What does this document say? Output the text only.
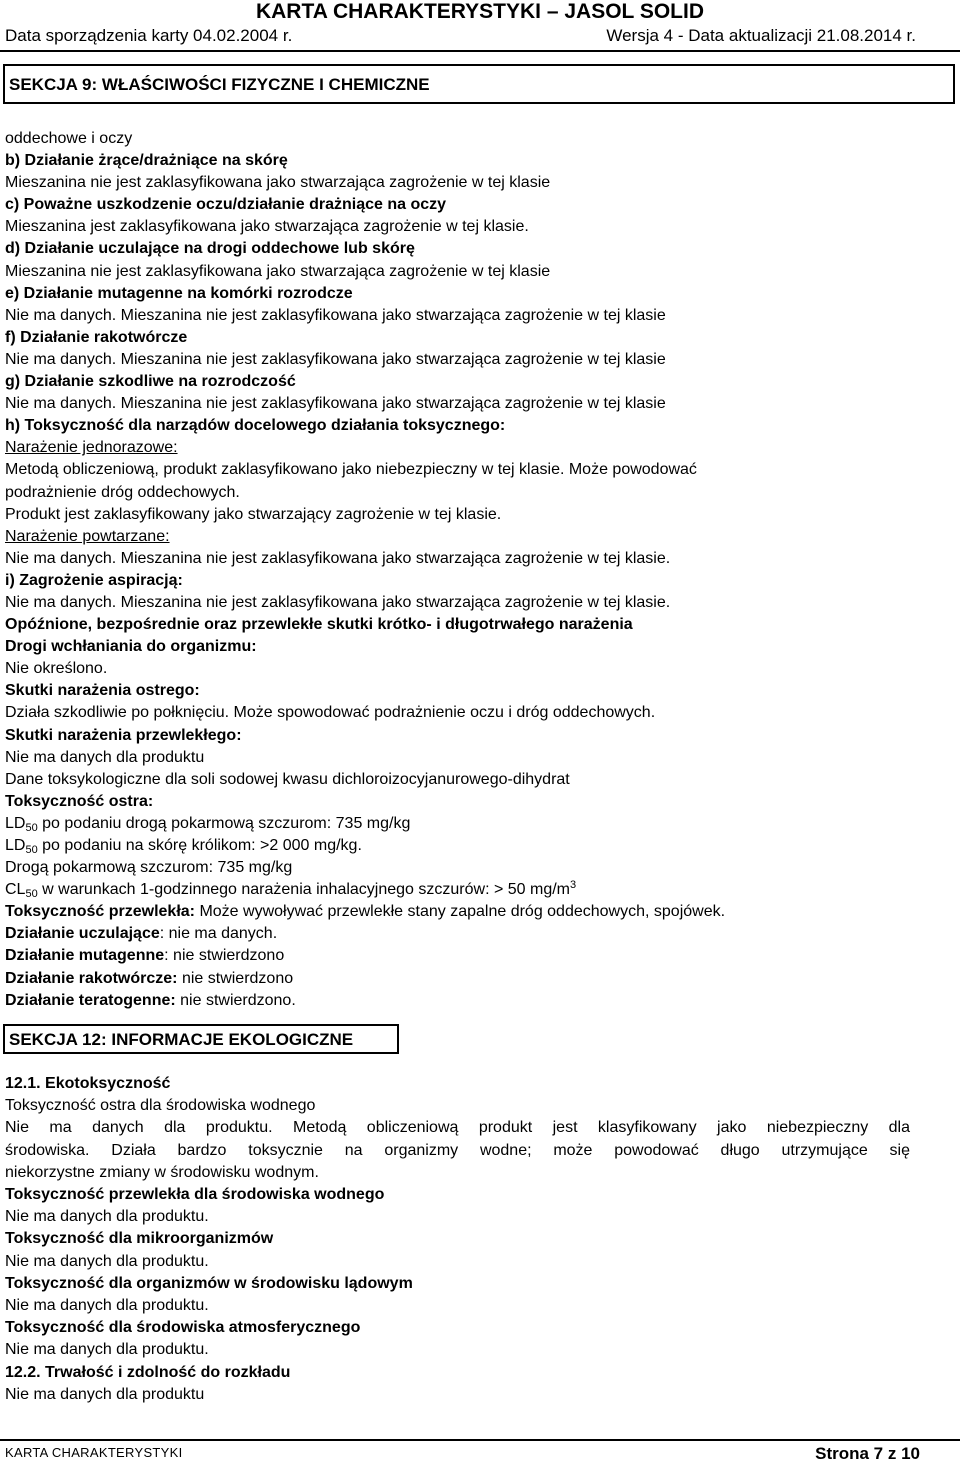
KARTA CHARAKTERYSTYKI – JASOL SOLID
Data sporządzenia karty 04.02.2004 r.	Wersja 4 - Data aktualizacji 21.08.2014 r.
SEKCJA 9: WŁAŚCIWOŚCI FIZYCZNE I CHEMICZNE
oddechowe i oczy
b) Działanie żrące/drażniące na skórę
Mieszanina nie jest zaklasyfikowana jako stwarzająca zagrożenie w tej klasie
c) Poważne uszkodzenie oczu/działanie drażniące na oczy
Mieszanina jest zaklasyfikowana jako stwarzająca zagrożenie w tej klasie.
d) Działanie uczulające na drogi oddechowe lub skórę
Mieszanina nie jest zaklasyfikowana jako stwarzająca zagrożenie w tej klasie
e) Działanie mutagenne na komórki rozrodcze
Nie ma danych. Mieszanina nie jest zaklasyfikowana jako stwarzająca zagrożenie w tej klasie
f) Działanie rakotwórcze
Nie ma danych. Mieszanina nie jest zaklasyfikowana jako stwarzająca zagrożenie w tej klasie
g) Działanie szkodliwe na rozrodczość
Nie ma danych. Mieszanina nie jest zaklasyfikowana jako stwarzająca zagrożenie w tej klasie
h) Toksyczność dla narządów docelowego działania toksycznego:
Narażenie jednorazowe:
Metodą obliczeniową, produkt zaklasyfikowano jako niebezpieczny w tej klasie. Może powodować
podrażnienie dróg oddechowych.
Produkt jest zaklasyfikowany jako stwarzający zagrożenie w tej klasie.
Narażenie powtarzane:
Nie ma danych. Mieszanina nie jest zaklasyfikowana jako stwarzająca zagrożenie w tej klasie.
i) Zagrożenie aspiracją:
Nie ma danych. Mieszanina nie jest zaklasyfikowana jako stwarzająca zagrożenie w tej klasie.
Opóźnione, bezpośrednie oraz przewlekłe skutki krótko- i długotrwałego narażenia
Drogi wchłaniania do organizmu:
Nie określono.
Skutki narażenia ostrego:
Działa szkodliwie po połknięciu. Może spowodować podrażnienie oczu i dróg oddechowych.
Skutki narażenia przewlekłego:
Nie ma danych dla produktu
Dane toksykologiczne dla soli sodowej kwasu dichloroizocyjanurowego-dihydrat
Toksyczność ostra:
$LD_{50}$ po podaniu drogą pokarmową szczurom: 735 mg/kg
$LD_{50}$ po podaniu na skórę królikom: >2 000 mg/kg.
Drogą pokarmową szczurom: 735 mg/kg
$CL_{50}$ w warunkach 1-godzinnego narażenia inhalacyjnego szczurów: > 50 $mg/m^3$
Toksyczność przewlekła: Może wywoływać przewlekłe stany zapalne dróg oddechowych, spojówek.
Działanie uczulające: nie ma danych.
Działanie mutagenne: nie stwierdzono
Działanie rakotwórcze: nie stwierdzono
Działanie teratogenne: nie stwierdzono.
SEKCJA 12: INFORMACJE EKOLOGICZNE
12.1. Ekotoksyczność
Toksyczność ostra dla środowiska wodnego
Nie ma danych dla produktu. Metodą obliczeniową produkt jest klasyfikowany jako niebezpieczny dla
środowiska. Działa bardzo toksycznie na organizmy wodne; może powodować długo utrzymujące się
niekorzystne zmiany w środowisku wodnym.
Toksyczność przewlekła dla środowiska wodnego
Nie ma danych dla produktu.
Toksyczność dla mikroorganizmów
Nie ma danych dla produktu.
Toksyczność dla organizmów w środowisku lądowym
Nie ma danych dla produktu.
Toksyczność dla środowiska atmosferycznego
Nie ma danych dla produktu.
12.2. Trwałość i zdolność do rozkładu
Nie ma danych dla produktu
KARTA CHARAKTERYSTYKI	Strona 7 z 10
